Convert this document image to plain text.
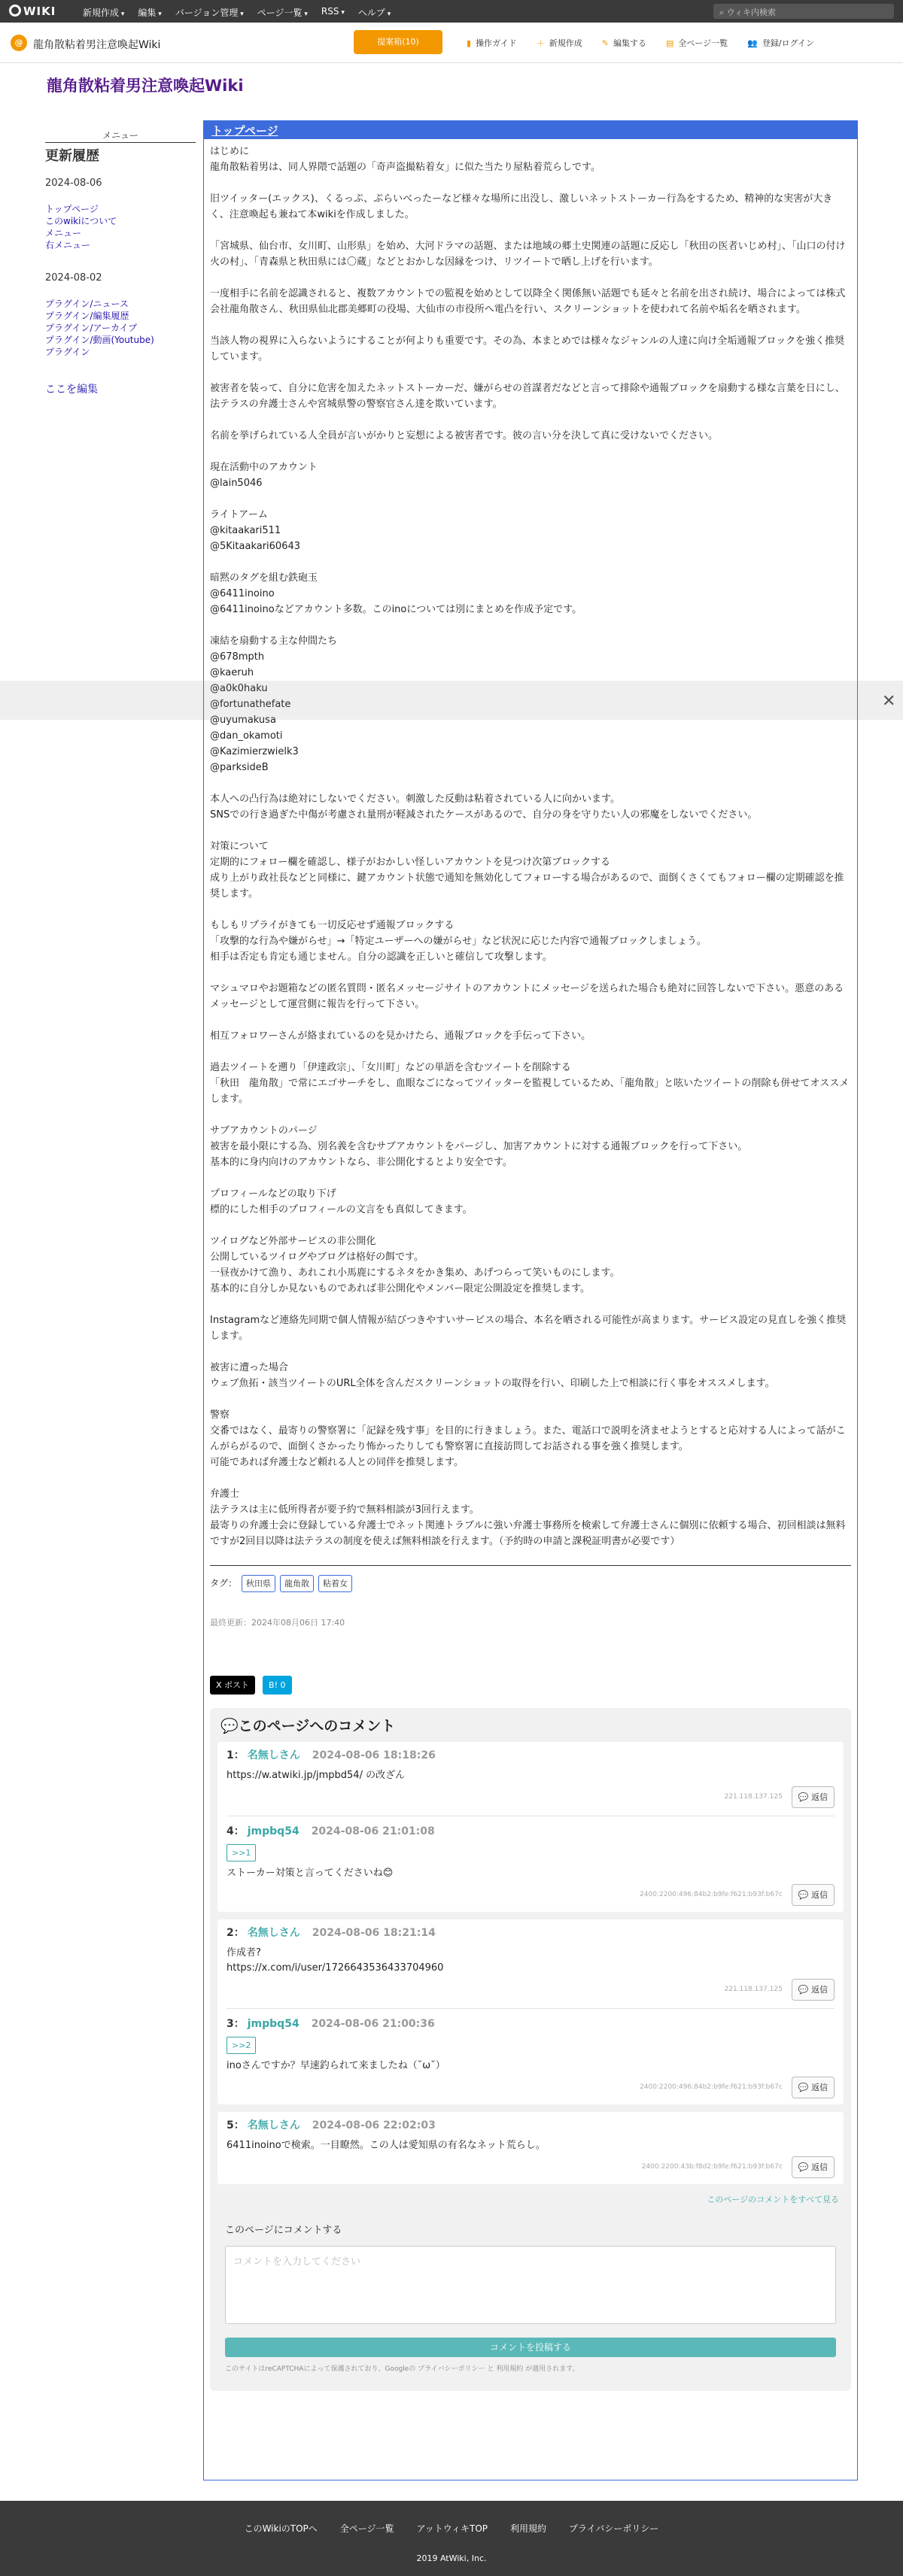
WIKI	新規作成 ▾	編集 ▾	バージョン管理 ▾	ページ一覧 ▾	RSS ▾	ヘルプ ▾	⌕ ウィキ内検索
@ 龍角散粘着男注意喚起Wiki	提案箱(10)	▮ 操作ガイド ＋ 新規作成 ✎ 編集する ▤ 全ページ一覧 👥 登録/ログイン
龍角散粘着男注意喚起Wiki
メニュー
更新履歴
2024-08-06
トップページ
このwikiについて
メニュー
右メニュー
2024-08-02
プラグイン/ニュース
プラグイン/編集履歴
プラグイン/アーカイブ
プラグイン/動画(Youtube)
プラグイン
ここを編集
トップページ

はじめに
龍角散粘着男は、同人界隈で話題の「奇声盗撮粘着女」に似た当たり屋粘着荒らしです。

旧ツイッター(エックス)、くるっぷ、ぷらいべったーなど様々な場所に出没し、激しいネットストーカー行為をするため、精神的な実害が大きく、注意喚起も兼ねて本wikiを作成しました。

「宮城県、仙台市、女川町、山形県」を始め、大河ドラマの話題、または地域の郷土史関連の話題に反応し「秋田の医者いじめ村」、「山口の付け火の村」、「青森県と秋田県には〇蔵」などとおかしな因縁をつけ、リツイートで晒し上げを行います。

一度相手に名前を認識されると、複数アカウントでの監視を始めとして以降全く関係無い話題でも延々と名前を出され続け、場合によっては株式会社龍角散さん、秋田県仙北郡美郷町の役場、大仙市の市役所へ電凸を行い、スクリーンショットを使われて名前や垢名を晒されます。

当該人物の視界に入らないようにすることが何よりも重要です。その為、本まとめでは様々なジャンルの人達に向け全垢通報ブロックを強く推奨しています。

被害者を装って、自分に危害を加えたネットストーカーだ、嫌がらせの首謀者だなどと言って排除や通報ブロックを扇動する様な言葉を日にし、法テラスの弁護士さんや宮城県警の警察官さん達を欺いています。

名前を挙げられている人全員が言いがかりと妄想による被害者です。彼の言い分を決して真に受けないでください。

現在活動中のアカウント
@lain5046

ライトアーム
@kitaakari511
@5Kitaakari60643

暗黙のタグを組む鉄砲玉
@6411inoino
@6411inoinoなどアカウント多数。このinoについては別にまとめを作成予定です。

凍結を扇動する主な仲間たち
@678mpth
@kaeruh
@a0k0haku
@fortunathefate
@uyumakusa
@dan_okamoti
@Kazimierzwielk3
@parksideB

本人への凸行為は絶対にしないでください。刺激した反動は粘着されている人に向かいます。
SNSでの行き過ぎた中傷が考慮され量刑が軽減されたケースがあるので、自分の身を守りたい人の邪魔をしないでください。

対策について
定期的にフォロー欄を確認し、様子がおかしい怪しいアカウントを見つけ次第ブロックする
成り上がり政社長などと同様に、鍵アカウント状態で通知を無効化してフォローする場合があるので、面倒くさくてもフォロー欄の定期確認を推奨します。

もしもリプライがきても一切反応せず通報ブロックする
「攻撃的な行為や嫌がらせ」→「特定ユーザーへの嫌がらせ」など状況に応じた内容で通報ブロックしましょう。
相手は否定も肯定も通じません。自分の認識を正しいと確信して攻撃します。

マシュマロやお題箱などの匿名質問・匿名メッセージサイトのアカウントにメッセージを送られた場合も絶対に回答しないで下さい。悪意のあるメッセージとして運営側に報告を行って下さい。

相互フォロワーさんが絡まれているのを見かけたら、通報ブロックを手伝って下さい。

過去ツイートを遡り「伊達政宗」、「女川町」などの単語を含むツイートを削除する
「秋田　龍角散」で常にエゴサーチをし、血眼なごになってツイッターを監視しているため、「龍角散」と呟いたツイートの削除も併せてオススメします。

サブアカウントのパージ
被害を最小限にする為、別名義を含むサブアカウントをパージし、加害アカウントに対する通報ブロックを行って下さい。
基本的に身内向けのアカウントなら、非公開化するとより安全です。

プロフィールなどの取り下げ
標的にした相手のプロフィールの文言をも真似してきます。

ツイログなど外部サービスの非公開化
公開しているツイログやブログは格好の餌です。
一昼夜かけて漁り、あれこれ小馬鹿にするネタをかき集め、あげつらって笑いものにします。
基本的に自分しか見ないものであれば非公開化やメンバー限定公開設定を推奨します。

Instagramなど連絡先同期で個人情報が結びつきやすいサービスの場合、本名を晒される可能性が高まります。サービス設定の見直しを強く推奨します。

被害に遭った場合
ウェブ魚拓・該当ツイートのURL全体を含んだスクリーンショットの取得を行い、印刷した上で相談に行く事をオススメします。

警察
交番ではなく、最寄りの警察署に「記録を残す事」を目的に行きましょう。また、電話口で説明を済ませようとすると応対する人によって話がこんがらがるので、面倒くさかったり怖かったりしても警察署に直接訪問してお話される事を強く推奨します。
可能であれば弁護士など頼れる人との同伴を推奨します。

弁護士
法テラスは主に低所得者が要予約で無料相談が3回行えます。
最寄りの弁護士会に登録している弁護士でネット関連トラブルに強い弁護士事務所を検索して弁護士さんに個別に依頼する場合、初回相談は無料ですが2回目以降は法テラスの制度を使えば無料相談を行えます。（予約時の申請と課税証明書が必要です）

タグ：	秋田県	龍角散	粘着女
最終更新：2024年08月06日 17:40
X ポスト	B! 0
💬このページへのコメント
1： 名無しさん 2024-08-06 18:18:26
https://w.atwiki.jp/jmpbd54/ の改ざん
221.118.137.125	💬 返信
4： jmpbq54 2024-08-06 21:01:08
>>1
ストーカー対策と言ってくださいね😊
2400:2200:496:84b2:b9fe:f621:b93f:b67c	💬 返信
2： 名無しさん 2024-08-06 18:21:14
作成者?
https://x.com/i/user/1726643536433704960
221.118.137.125	💬 返信
3： jmpbq54 2024-08-06 21:00:36
>>2
inoさんですか？早速釣られて来ましたね（˘ω˘）
2400:2200:496:84b2:b9fe:f621:b93f:b67c	💬 返信
5： 名無しさん 2024-08-06 22:02:03
6411inoinoで検索。一目瞭然。この人は愛知県の有名なネット荒らし。
2400:2200:43b:f8d2:b9fe:f621:b93f:b67c	💬 返信
このページのコメントをすべて見る
このページにコメントする
コメントを入力してください
コメントを投稿する
このサイトはreCAPTCHAによって保護されており、Googleの プライバシーポリシー と 利用規約 が適用されます。
✕
このWikiのTOPへ	全ページ一覧	アットウィキTOP	利用規約	プライバシーポリシー
2019 AtWiki, Inc.
